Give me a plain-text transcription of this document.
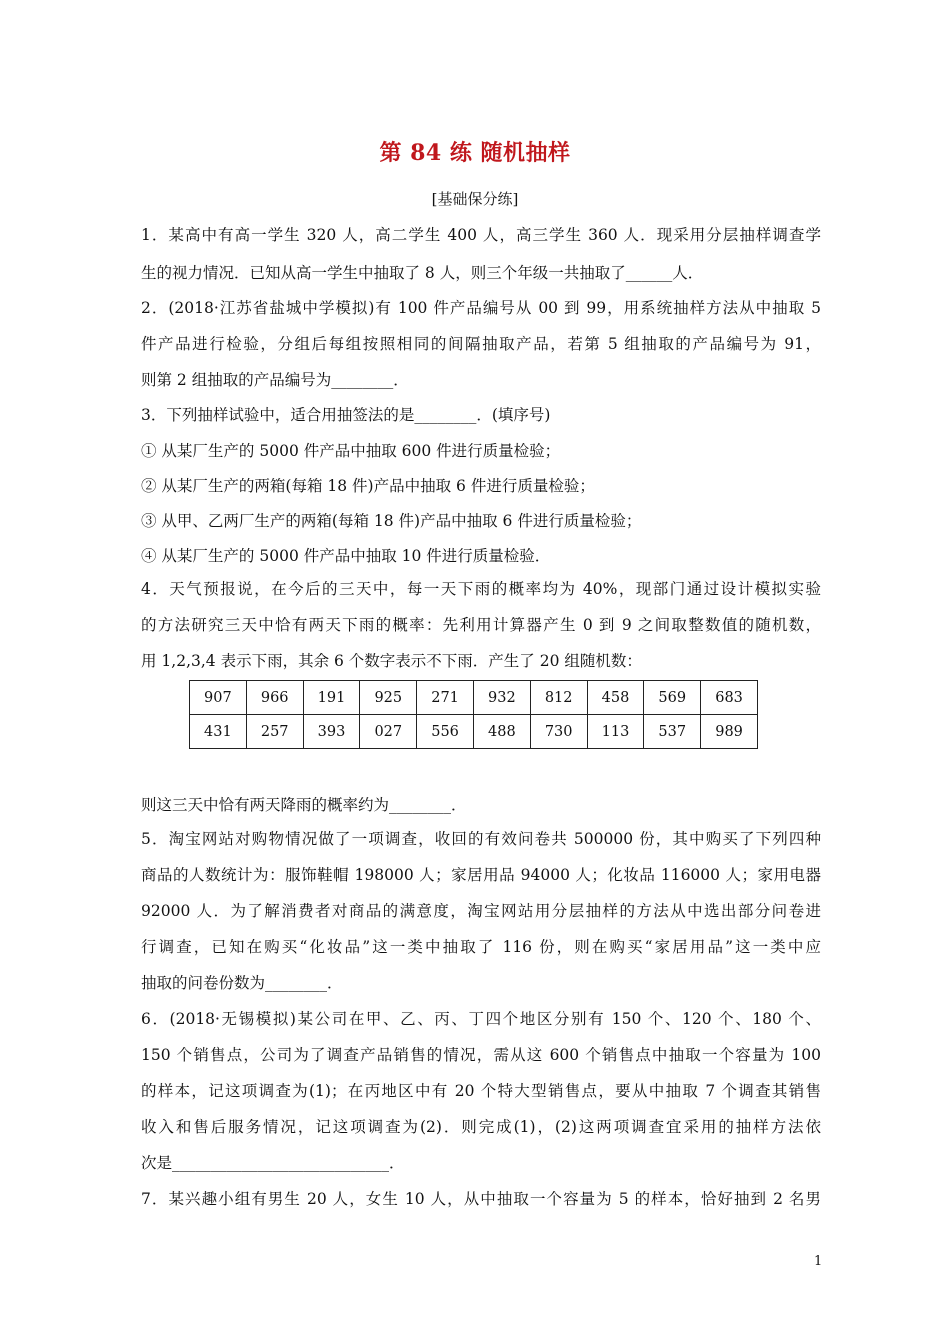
第 84 练 随机抽样
[基础保分练]
1．某高中有高一学生 320 人，高二学生 400 人，高三学生 360 人．现采用分层抽样调查学
生的视力情况．已知从高一学生中抽取了 8 人，则三个年级一共抽取了______人．
2．(2018·江苏省盐城中学模拟)有 100 件产品编号从 00 到 99，用系统抽样方法从中抽取 5
件产品进行检验，分组后每组按照相同的间隔抽取产品，若第 5 组抽取的产品编号为 91，
则第 2 组抽取的产品编号为________．
3．下列抽样试验中，适合用抽签法的是________．(填序号)
① 从某厂生产的 5000 件产品中抽取 600 件进行质量检验；
② 从某厂生产的两箱(每箱 18 件)产品中抽取 6 件进行质量检验；
③ 从甲、乙两厂生产的两箱(每箱 18 件)产品中抽取 6 件进行质量检验；
④ 从某厂生产的 5000 件产品中抽取 10 件进行质量检验．
4．天气预报说，在今后的三天中，每一天下雨的概率均为 40%，现部门通过设计模拟实验
的方法研究三天中恰有两天下雨的概率：先利用计算器产生 0 到 9 之间取整数值的随机数，
用 1,2,3,4 表示下雨，其余 6 个数字表示不下雨．产生了 20 组随机数：
907	966	191	925	271	932	812	458	569	683
431	257	393	027	556	488	730	113	537	989
则这三天中恰有两天降雨的概率约为________．
5．淘宝网站对购物情况做了一项调查，收回的有效问卷共 500000 份，其中购买了下列四种
商品的人数统计为：服饰鞋帽 198000 人；家居用品 94000 人；化妆品 116000 人；家用电器
92000 人．为了解消费者对商品的满意度，淘宝网站用分层抽样的方法从中选出部分问卷进
行调查，已知在购买“化妆品”这一类中抽取了 116 份，则在购买“家居用品”这一类中应
抽取的问卷份数为________．
6．(2018·无锡模拟)某公司在甲、乙、丙、丁四个地区分别有 150 个、120 个、180 个、
150 个销售点，公司为了调查产品销售的情况，需从这 600 个销售点中抽取一个容量为 100
的样本，记这项调查为(1)；在丙地区中有 20 个特大型销售点，要从中抽取 7 个调查其销售
收入和售后服务情况，记这项调查为(2)．则完成(1)，(2)这两项调查宜采用的抽样方法依
次是____________________________．
7．某兴趣小组有男生 20 人，女生 10 人，从中抽取一个容量为 5 的样本，恰好抽到 2 名男
1
